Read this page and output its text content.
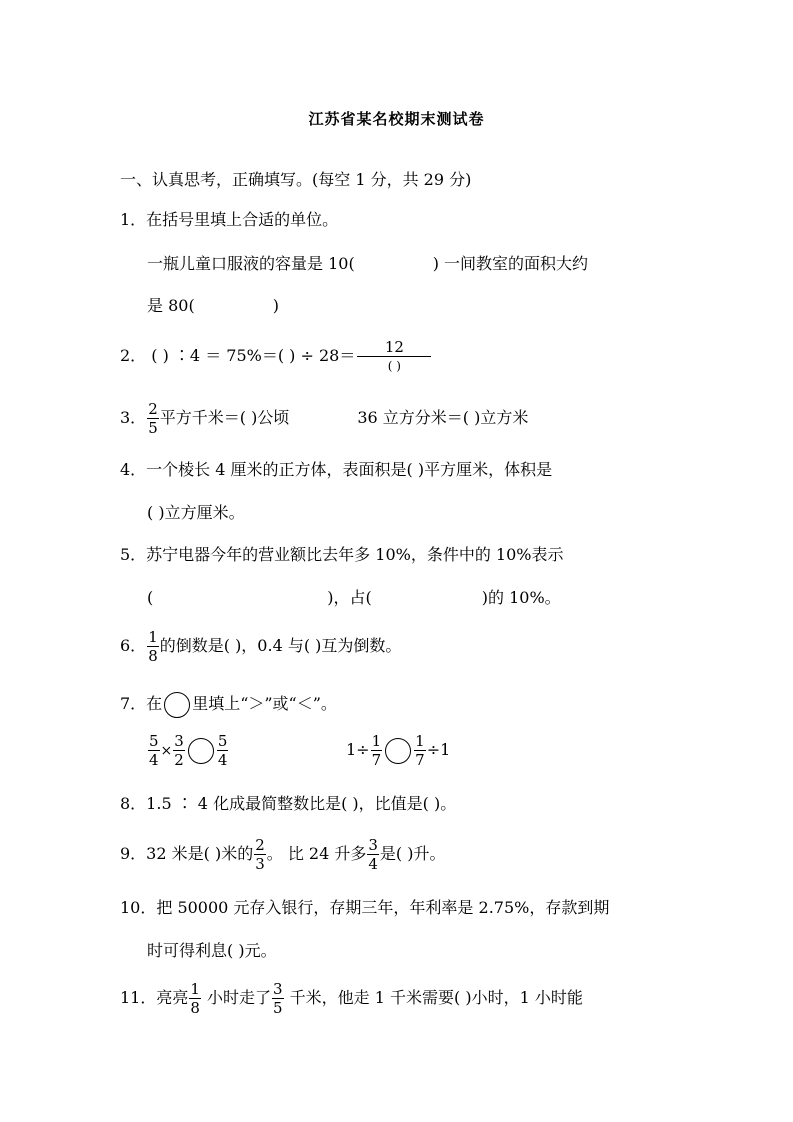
江苏省某名校期末测试卷
一、认真思考，正确填写。(每空 1 分，共 29 分)
1．在括号里填上合适的单位。
一瓶儿童口服液的容量是 10(	) 一间教室的面积大约
是 80(	)
2． ( ) ∶4 ＝ 75%＝( ) ÷ $28= \frac{12}{( )}$
3． $\frac{2}{5}$ 平方千米＝( )公顷	36 立方分米＝( )立方米
4．一个棱长 4 厘米的正方体，表面积是( )平方厘米，体积是
( )立方厘米。
5．苏宁电器今年的营业额比去年多 10%，条件中的 10%表示
(	)，占(	)的 10%。
6． $\frac{1}{8}$ 的倒数是( )，0.4 与( )互为倒数。
7．在 里填上“＞”或“＜”。
$\frac{5}{4} \times \frac{3}{2} \frac{5}{4}$	$1\div \frac{1}{7} \frac{1}{7} \div 1$
8．1.5 ∶ 4 化成最简整数比是( )，比值是( )。
9．32 米是( )米的 $\frac{2}{3}$ 。 比 24 升多 $\frac{3}{4}$ 是( )升。
10．把 50000 元存入银行，存期三年，年利率是 2.75%，存款到期
时可得利息( )元。
11．亮亮 $\frac{1}{8}$ 小时走了 $\frac{3}{5}$ 千米，他走 1 千米需要( )小时，1 小时能
